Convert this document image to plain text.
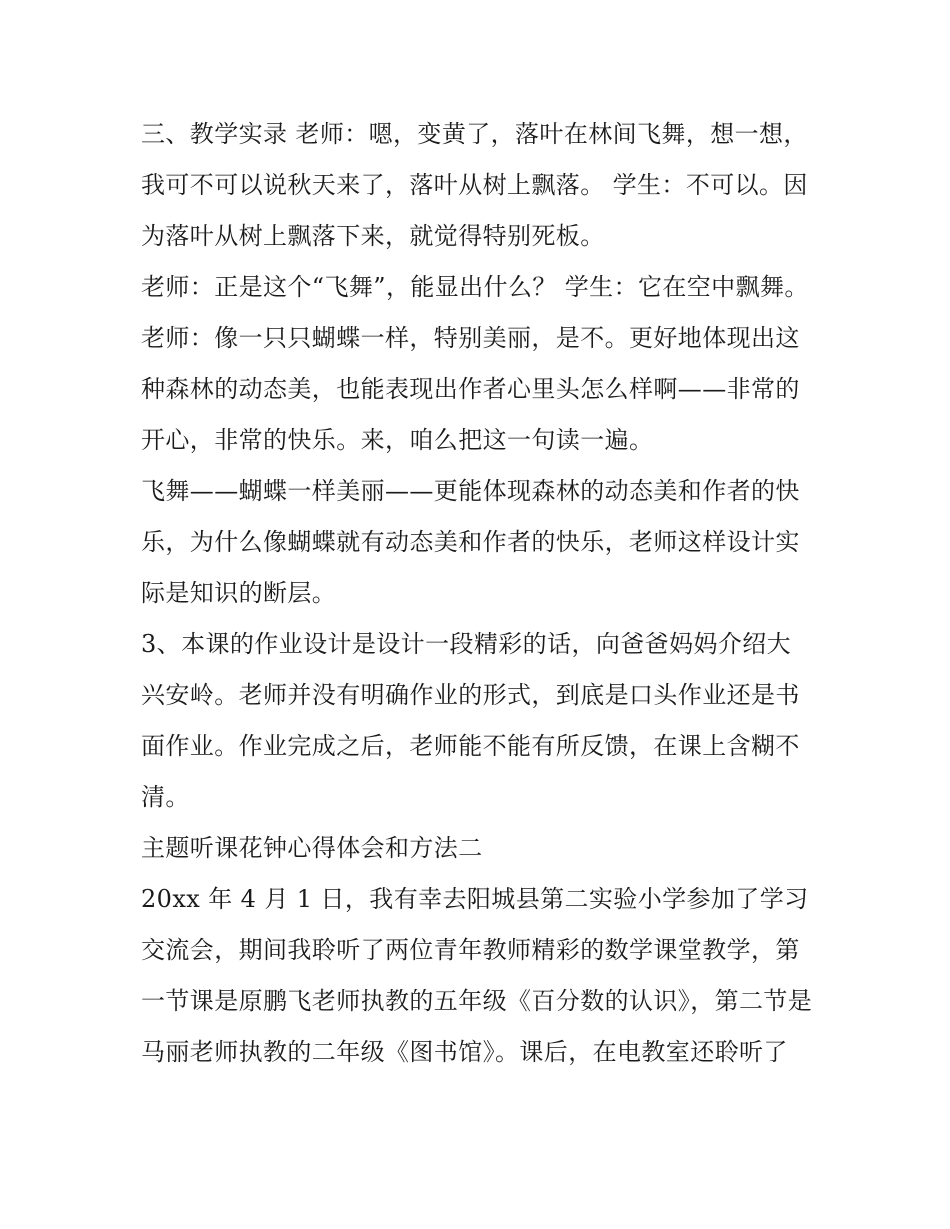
三、教学实录 老师：嗯，变黄了，落叶在林间飞舞，想一想，我可不可以说秋天来了，落叶从树上飘落。 学生：不可以。因为落叶从树上飘落下来，就觉得特别死板。

老师：正是这个“飞舞”，能显出什么？ 学生：它在空中飘舞。

老师：像一只只蝴蝶一样，特别美丽，是不。更好地体现出这种森林的动态美，也能表现出作者心里头怎么样啊——非常的开心，非常的快乐。来，咱么把这一句读一遍。

飞舞——蝴蝶一样美丽——更能体现森林的动态美和作者的快乐，为什么像蝴蝶就有动态美和作者的快乐，老师这样设计实际是知识的断层。

3、本课的作业设计是设计一段精彩的话，向爸爸妈妈介绍大兴安岭。老师并没有明确作业的形式，到底是口头作业还是书面作业。作业完成之后，老师能不能有所反馈，在课上含糊不清。

主题听课花钟心得体会和方法二

20xx 年 4 月 1 日，我有幸去阳城县第二实验小学参加了学习交流会，期间我聆听了两位青年教师精彩的数学课堂教学，第一节课是原鹏飞老师执教的五年级《百分数的认识》，第二节是马丽老师执教的二年级《图书馆》。课后，在电教室还聆听了
